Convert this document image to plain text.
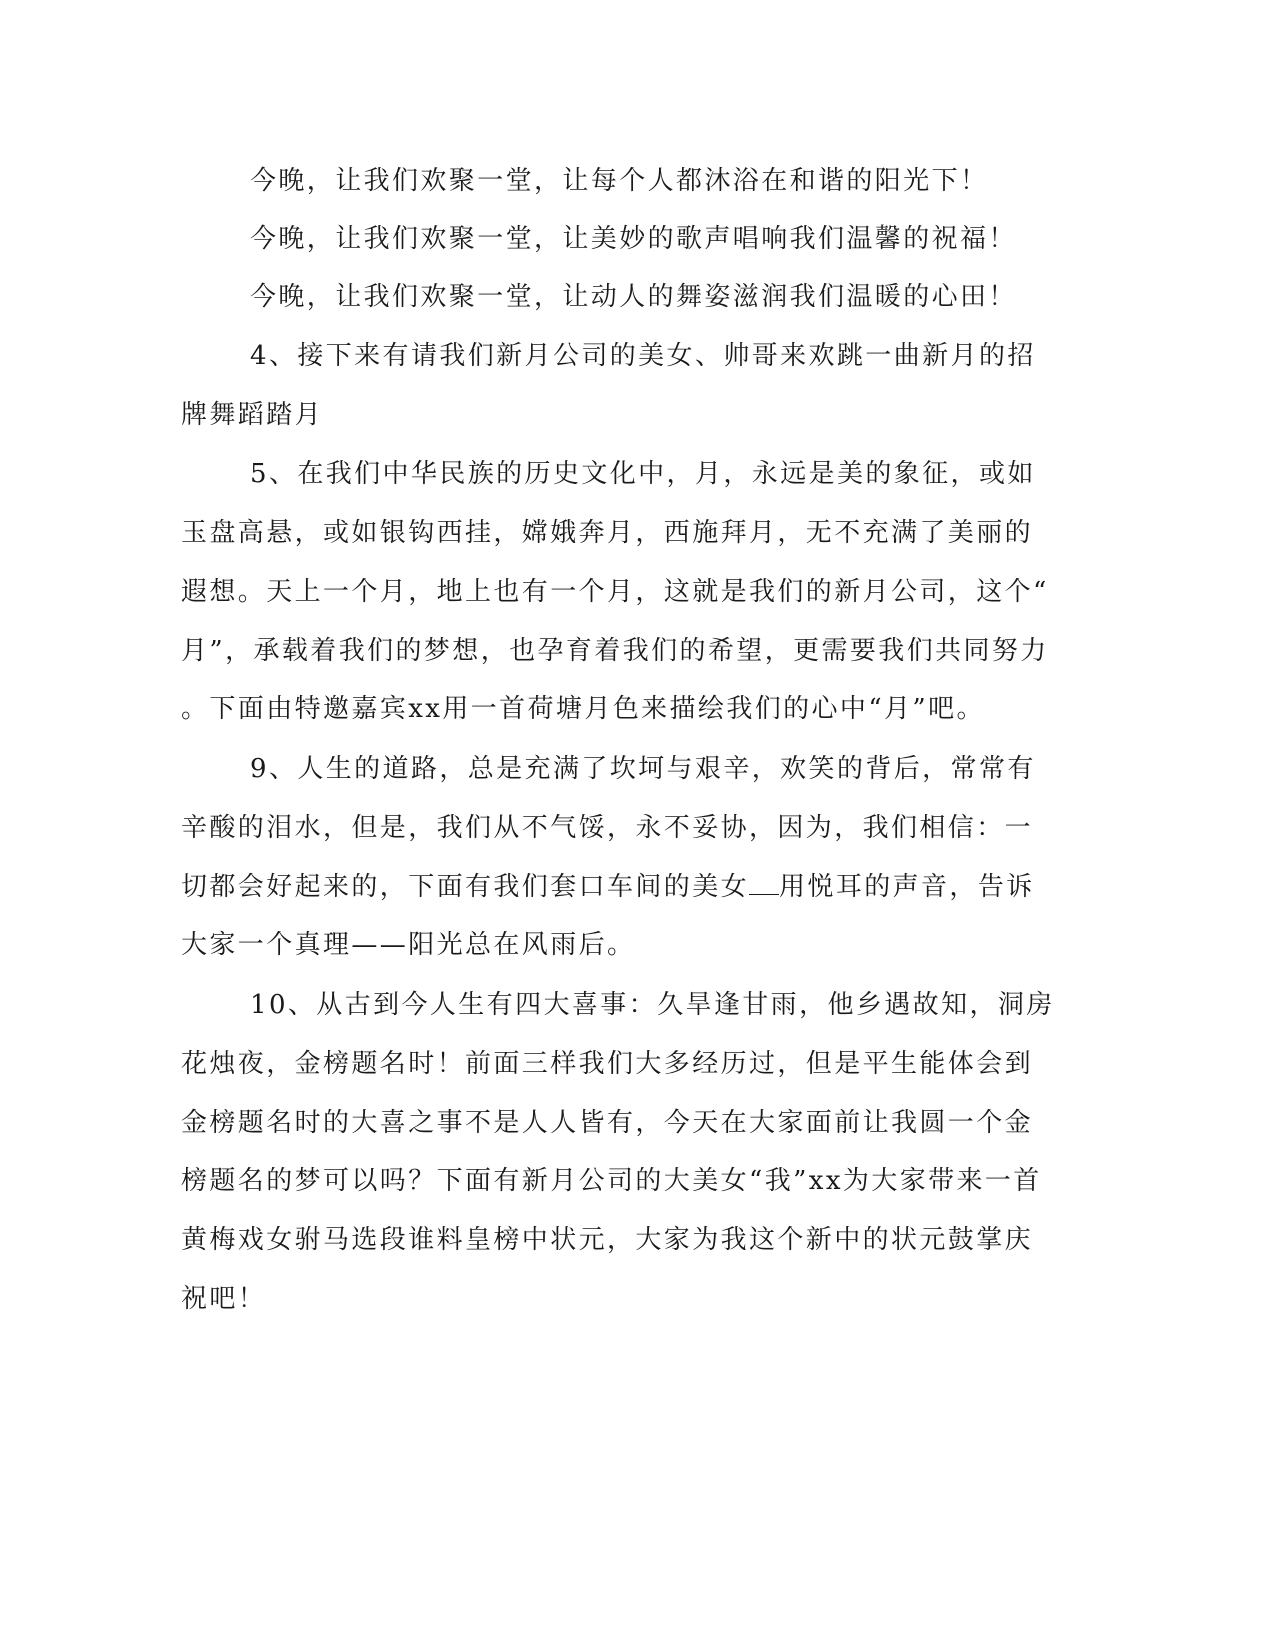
今晚，让我们欢聚一堂，让每个人都沐浴在和谐的阳光下！
今晚，让我们欢聚一堂，让美妙的歌声唱响我们温馨的祝福！
今晚，让我们欢聚一堂，让动人的舞姿滋润我们温暖的心田！
4、接下来有请我们新月公司的美女、帅哥来欢跳一曲新月的招
牌舞蹈踏月
5、在我们中华民族的历史文化中，月，永远是美的象征，或如
玉盘高悬，或如银钩西挂，嫦娥奔月，西施拜月，无不充满了美丽的
遐想。天上一个月，地上也有一个月，这就是我们的新月公司，这个“
月”，承载着我们的梦想，也孕育着我们的希望，更需要我们共同努力
。下面由特邀嘉宾xx用一首荷塘月色来描绘我们的心中“月”吧。
9、人生的道路，总是充满了坎坷与艰辛，欢笑的背后，常常有
辛酸的泪水，但是，我们从不气馁，永不妥协，因为，我们相信：一
切都会好起来的，下面有我们套口车间的美女 用悦耳的声音，告诉
大家一个真理——阳光总在风雨后。
10、从古到今人生有四大喜事：久旱逢甘雨，他乡遇故知，洞房
花烛夜，金榜题名时！前面三样我们大多经历过，但是平生能体会到
金榜题名时的大喜之事不是人人皆有，今天在大家面前让我圆一个金
榜题名的梦可以吗？下面有新月公司的大美女“我”xx为大家带来一首
黄梅戏女驸马选段谁料皇榜中状元，大家为我这个新中的状元鼓掌庆
祝吧！
